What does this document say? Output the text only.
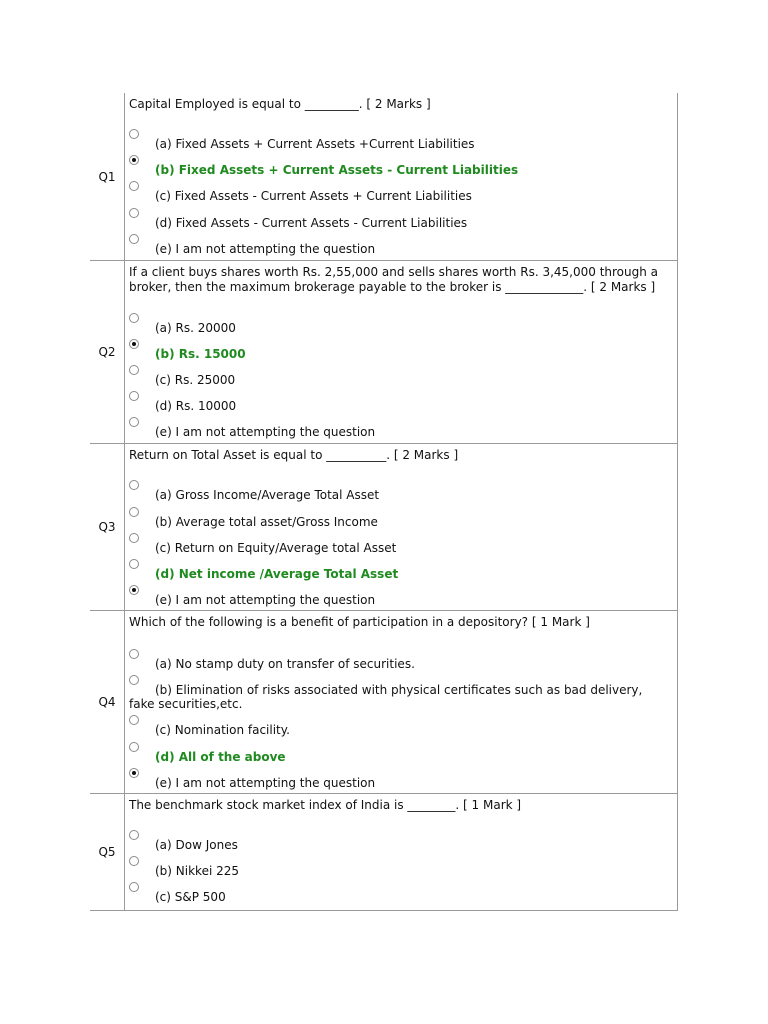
Q1
Capital Employed is equal to _________. [ 2 Marks ]
(a) Fixed Assets + Current Assets +Current Liabilities
(b) Fixed Assets + Current Assets - Current Liabilities
(c) Fixed Assets - Current Assets + Current Liabilities
(d) Fixed Assets - Current Assets - Current Liabilities
(e) I am not attempting the question
Q2
If a client buys shares worth Rs. 2,55,000 and sells shares worth Rs. 3,45,000 through a broker, then the maximum brokerage payable to the broker is _____________. [ 2 Marks ]
(a) Rs. 20000
(b) Rs. 15000
(c) Rs. 25000
(d) Rs. 10000
(e) I am not attempting the question
Q3
Return on Total Asset is equal to __________. [ 2 Marks ]
(a) Gross Income/Average Total Asset
(b) Average total asset/Gross Income
(c) Return on Equity/Average total Asset
(d) Net income /Average Total Asset
(e) I am not attempting the question
Q4
Which of the following is a benefit of participation in a depository? [ 1 Mark ]
(a) No stamp duty on transfer of securities.
(b) Elimination of risks associated with physical certificates such as bad delivery, fake securities,etc.
(c) Nomination facility.
(d) All of the above
(e) I am not attempting the question
Q5
The benchmark stock market index of India is ________. [ 1 Mark ]
(a) Dow Jones
(b) Nikkei 225
(c) S&P 500
